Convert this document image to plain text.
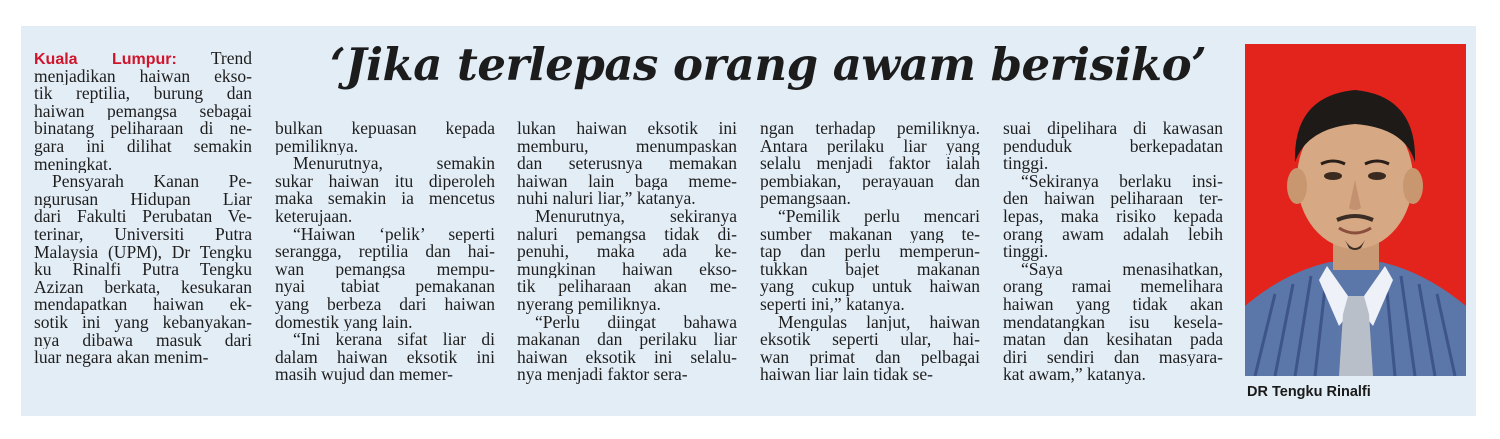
‘Jika terlepas orang awam berisiko’
Kuala Lumpur: Trend
menjadikan haiwan ekso-
tik reptilia, burung dan
haiwan pemangsa sebagai
binatang peliharaan di ne-
gara ini dilihat semakin
meningkat.
Pensyarah Kanan Pe-
ngurusan Hidupan Liar
dari Fakulti Perubatan Ve-
terinar, Universiti Putra
Malaysia (UPM), Dr Tengku
ku Rinalfi Putra Tengku
Azizan berkata, kesukaran
mendapatkan haiwan ek-
sotik ini yang kebanyakan-
nya dibawa masuk dari
luar negara akan menim-
bulkan kepuasan kepada
pemiliknya.
Menurutnya, semakin
sukar haiwan itu diperoleh
maka semakin ia mencetus
keterujaan.
“Haiwan ‘pelik’ seperti
serangga, reptilia dan hai-
wan pemangsa mempu-
nyai tabiat pemakanan
yang berbeza dari haiwan
domestik yang lain.
“Ini kerana sifat liar di
dalam haiwan eksotik ini
masih wujud dan memer-
lukan haiwan eksotik ini
memburu, menumpaskan
dan seterusnya memakan
haiwan lain baga meme-
nuhi naluri liar,” katanya.
Menurutnya, sekiranya
naluri pemangsa tidak di-
penuhi, maka ada ke-
mungkinan haiwan ekso-
tik peliharaan akan me-
nyerang pemiliknya.
“Perlu diingat bahawa
makanan dan perilaku liar
haiwan eksotik ini selalu-
nya menjadi faktor sera-
ngan terhadap pemiliknya.
Antara perilaku liar yang
selalu menjadi faktor ialah
pembiakan, perayauan dan
pemangsaan.
“Pemilik perlu mencari
sumber makanan yang te-
tap dan perlu memperun-
tukkan bajet makanan
yang cukup untuk haiwan
seperti ini,” katanya.
Mengulas lanjut, haiwan
eksotik seperti ular, hai-
wan primat dan pelbagai
haiwan liar lain tidak se-
suai dipelihara di kawasan
penduduk berkepadatan
tinggi.
“Sekiranya berlaku insi-
den haiwan peliharaan ter-
lepas, maka risiko kepada
orang awam adalah lebih
tinggi.
“Saya menasihatkan,
orang ramai memelihara
haiwan yang tidak akan
mendatangkan isu kesela-
matan dan kesihatan pada
diri sendiri dan masyara-
kat awam,” katanya.
DR Tengku Rinalfi
